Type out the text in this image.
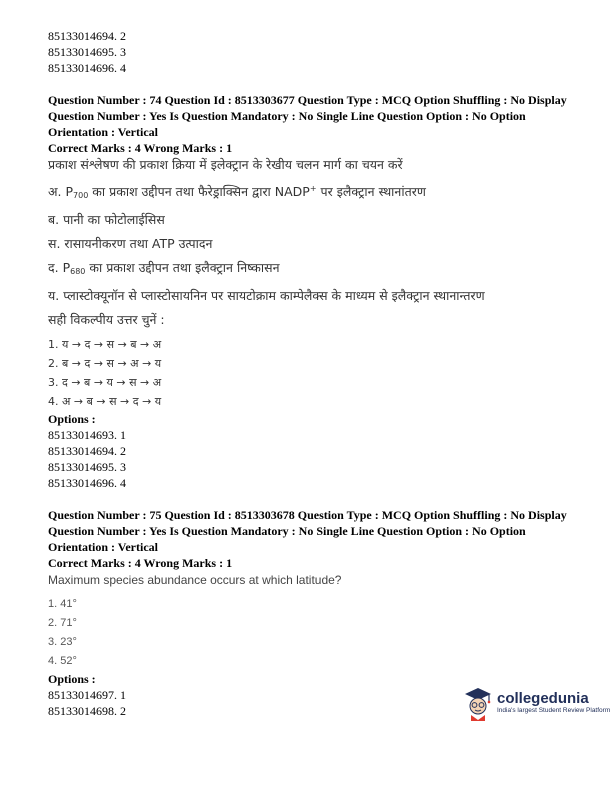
85133014694. 2
85133014695. 3
85133014696. 4
Question Number : 74 Question Id : 8513303677 Question Type : MCQ Option Shuffling : No Display
Question Number : Yes Is Question Mandatory : No Single Line Question Option : No Option
Orientation : Vertical
Correct Marks : 4 Wrong Marks : 1
प्रकाश संश्लेषण की प्रकाश क्रिया में इलेक्ट्रान के रेखीय चलन मार्ग का चयन करें
अ. $P_{700}$ का प्रकाश उद्दीपन तथा फैरेड्राक्सिन द्वारा NADP+ पर इलैक्ट्रान स्थानांतरण
ब. पानी का फोटोलाईसिस
स. रासायनीकरण तथा ATP उत्पादन
द. $P_{680}$ का प्रकाश उद्दीपन तथा इलैक्ट्रान निष्कासन
य. प्लास्टोक्यूनॉन से प्लास्टोसायनिन पर सायटोक्राम काम्पेलैक्स के माध्यम से इलैक्ट्रान स्थानान्तरण
सही विकल्पीय उत्तर चुनें :
1. य → द → स → ब → अ
2. ब → द → स → अ → य
3. द → ब → य → स → अ
4. अ → ब → स → द → य
Options :
85133014693. 1
85133014694. 2
85133014695. 3
85133014696. 4
Question Number : 75 Question Id : 8513303678 Question Type : MCQ Option Shuffling : No Display
Question Number : Yes Is Question Mandatory : No Single Line Question Option : No Option
Orientation : Vertical
Correct Marks : 4 Wrong Marks : 1
Maximum species abundance occurs at which latitude?
1. 41°
2. 71°
3. 23°
4. 52°
Options :
85133014697. 1
85133014698. 2
collegedunia
India's largest Student Review Platform
